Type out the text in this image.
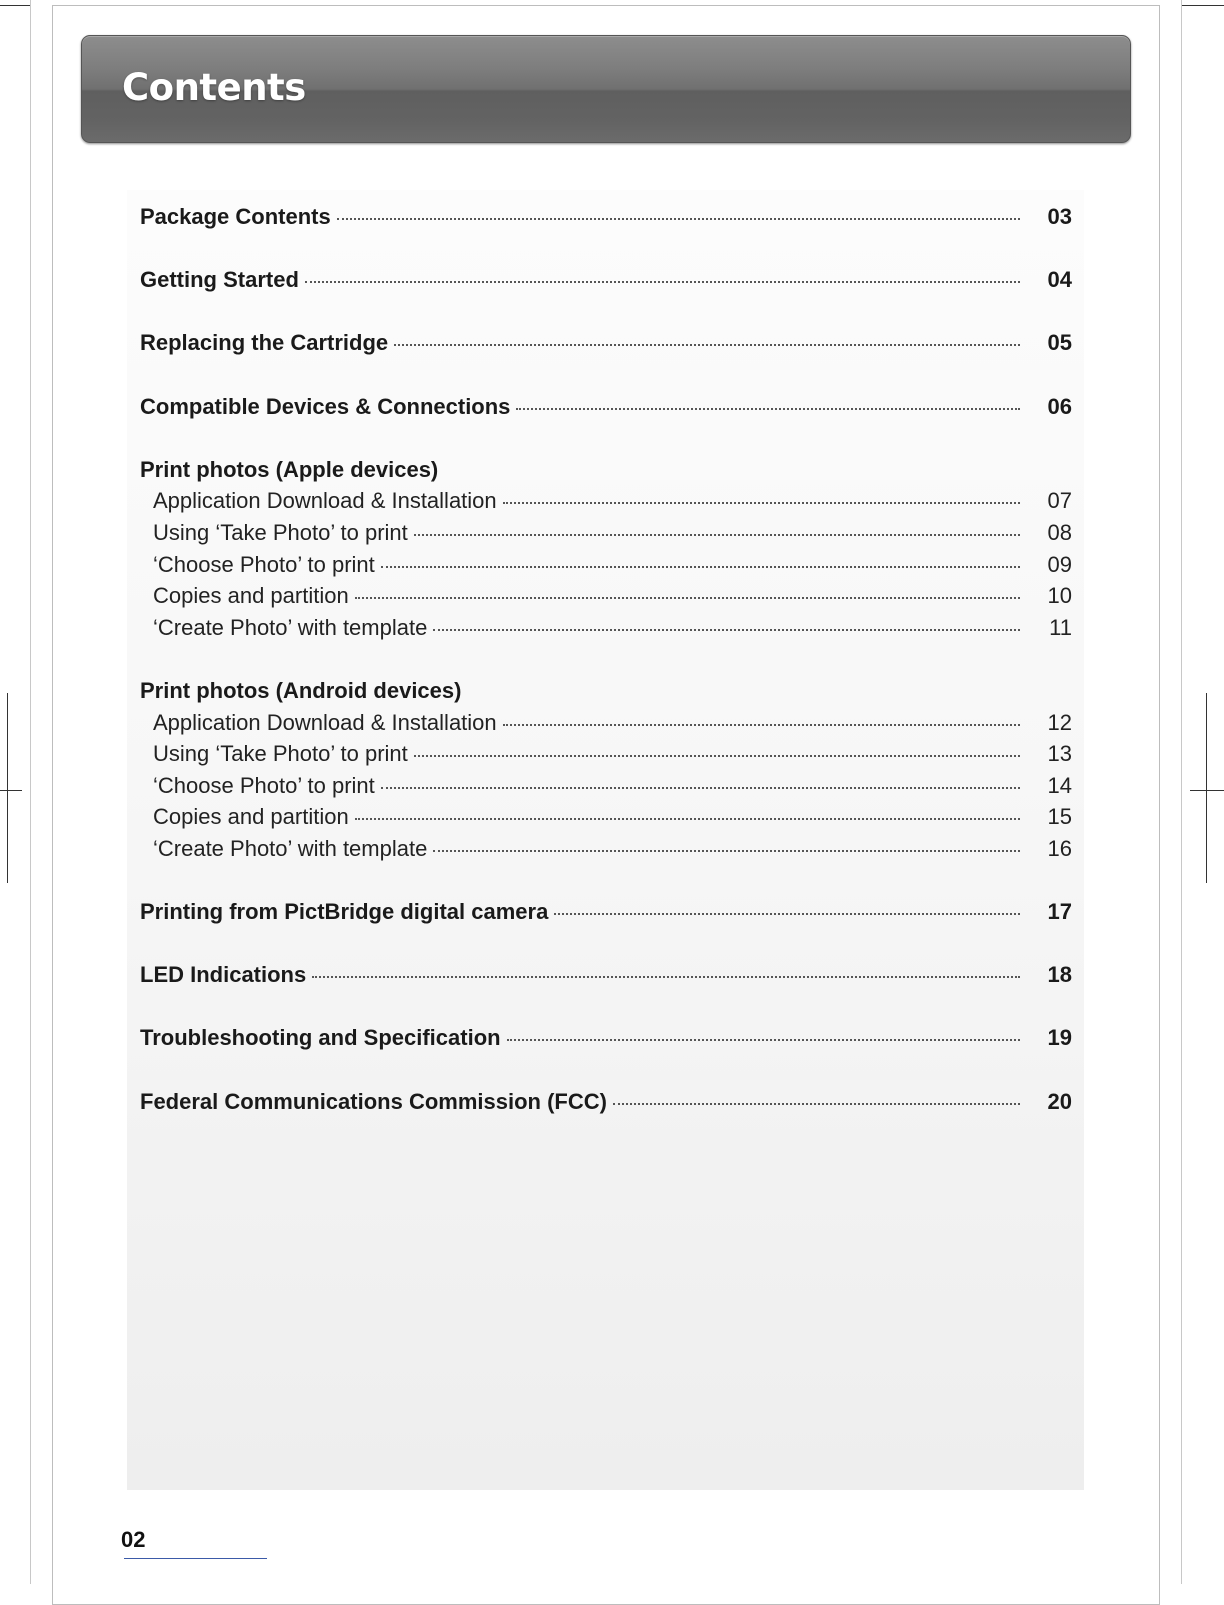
Contents
Package Contents	03
Getting Started	04
Replacing the Cartridge	05
Compatible Devices & Connections	06
Print photos (Apple devices)
Application Download & Installation	07
Using ‘Take Photo’ to print	08
‘Choose Photo’ to print	09
Copies and partition	10
‘Create Photo’ with template	11
Print photos (Android devices)
Application Download & Installation	12
Using ‘Take Photo’ to print	13
‘Choose Photo’ to print	14
Copies and partition	15
‘Create Photo’ with template	16
Printing from PictBridge digital camera	17
LED Indications	18
Troubleshooting and Specification	19
Federal Communications Commission (FCC)	20
02
